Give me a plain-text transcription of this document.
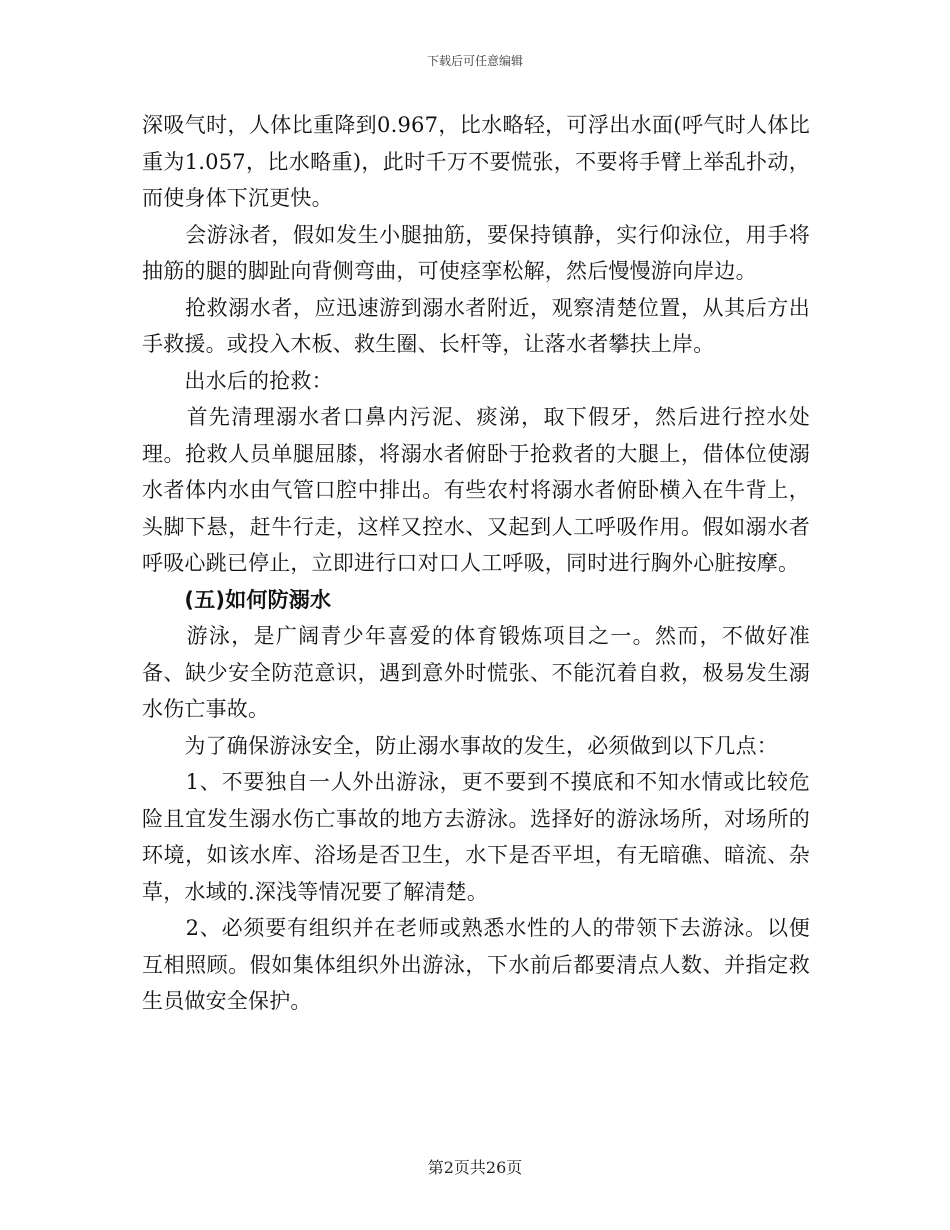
下载后可任意编辑

深吸气时，人体比重降到0.967，比水略轻，可浮出水面(呼气时人体比重为1.057，比水略重)，此时千万不要慌张，不要将手臂上举乱扑动，而使身体下沉更快。

　　会游泳者，假如发生小腿抽筋，要保持镇静，实行仰泳位，用手将抽筋的腿的脚趾向背侧弯曲，可使痉挛松解，然后慢慢游向岸边。

　　抢救溺水者，应迅速游到溺水者附近，观察清楚位置，从其后方出手救援。或投入木板、救生圈、长杆等，让落水者攀扶上岸。

　　出水后的抢救：

　　首先清理溺水者口鼻内污泥、痰涕，取下假牙，然后进行控水处理。抢救人员单腿屈膝，将溺水者俯卧于抢救者的大腿上，借体位使溺水者体内水由气管口腔中排出。有些农村将溺水者俯卧横入在牛背上，头脚下悬，赶牛行走，这样又控水、又起到人工呼吸作用。假如溺水者呼吸心跳已停止，立即进行口对口人工呼吸，同时进行胸外心脏按摩。

　　(五)如何防溺水

　　游泳，是广阔青少年喜爱的体育锻炼项目之一。然而，不做好准备、缺少安全防范意识，遇到意外时慌张、不能沉着自救，极易发生溺水伤亡事故。

　　为了确保游泳安全，防止溺水事故的发生，必须做到以下几点：

　　1、不要独自一人外出游泳，更不要到不摸底和不知水情或比较危险且宜发生溺水伤亡事故的地方去游泳。选择好的游泳场所，对场所的环境，如该水库、浴场是否卫生，水下是否平坦，有无暗礁、暗流、杂草，水域的.深浅等情况要了解清楚。

　　2、必须要有组织并在老师或熟悉水性的人的带领下去游泳。以便互相照顾。假如集体组织外出游泳，下水前后都要清点人数、并指定救生员做安全保护。

第2页共26页
